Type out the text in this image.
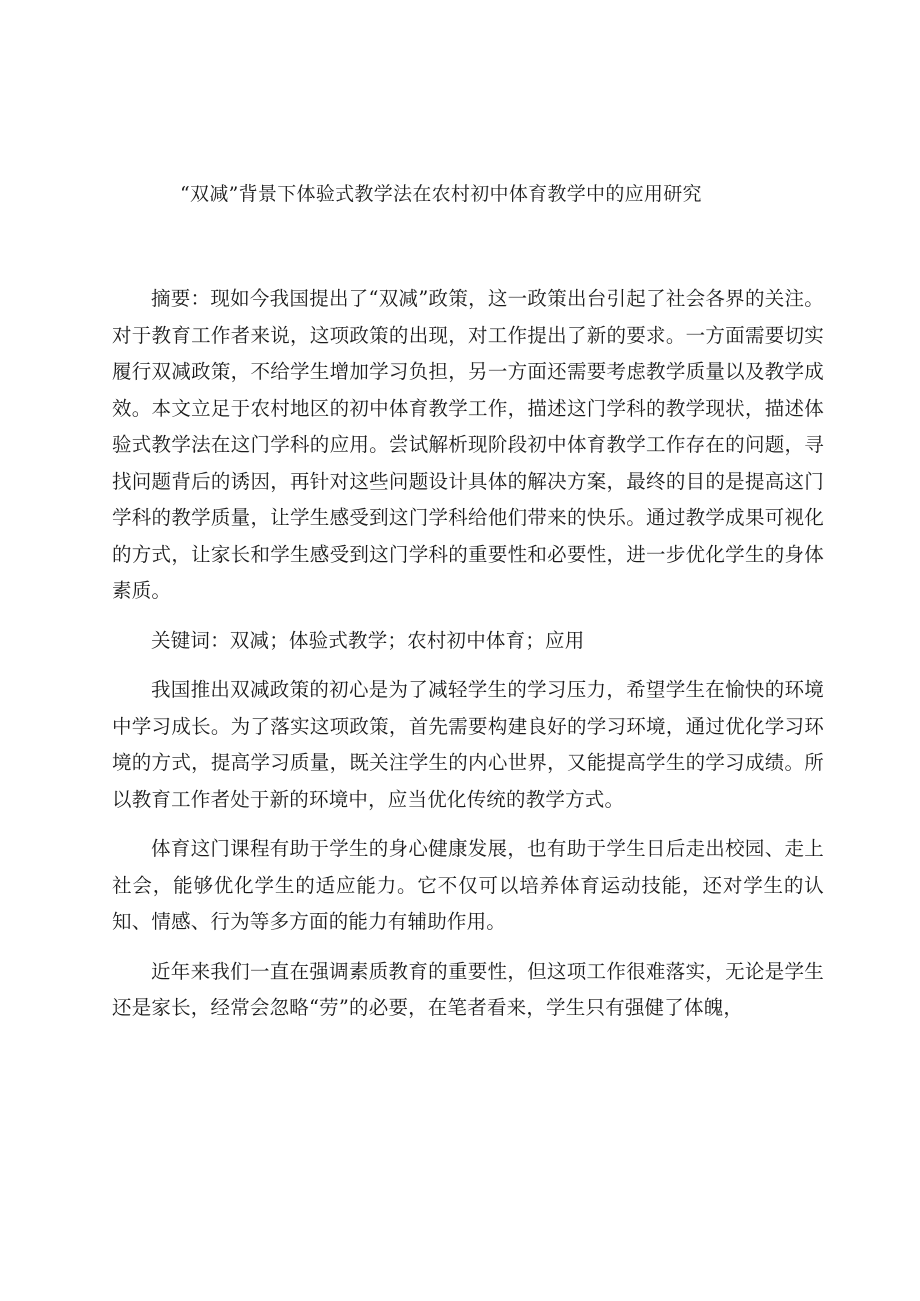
“双减”背景下体验式教学法在农村初中体育教学中的应用研究

摘要：现如今我国提出了“双减”政策，这一政策出台引起了社会各界的关注。对于教育工作者来说，这项政策的出现，对工作提出了新的要求。一方面需要切实履行双减政策，不给学生增加学习负担，另一方面还需要考虑教学质量以及教学成效。本文立足于农村地区的初中体育教学工作，描述这门学科的教学现状，描述体验式教学法在这门学科的应用。尝试解析现阶段初中体育教学工作存在的问题，寻找问题背后的诱因，再针对这些问题设计具体的解决方案，最终的目的是提高这门学科的教学质量，让学生感受到这门学科给他们带来的快乐。通过教学成果可视化的方式，让家长和学生感受到这门学科的重要性和必要性，进一步优化学生的身体素质。

关键词：双减；体验式教学；农村初中体育；应用

我国推出双减政策的初心是为了减轻学生的学习压力，希望学生在愉快的环境中学习成长。为了落实这项政策，首先需要构建良好的学习环境，通过优化学习环境的方式，提高学习质量，既关注学生的内心世界，又能提高学生的学习成绩。所以教育工作者处于新的环境中，应当优化传统的教学方式。

体育这门课程有助于学生的身心健康发展，也有助于学生日后走出校园、走上社会，能够优化学生的适应能力。它不仅可以培养体育运动技能，还对学生的认知、情感、行为等多方面的能力有辅助作用。

近年来我们一直在强调素质教育的重要性，但这项工作很难落实，无论是学生还是家长，经常会忽略“劳”的必要，在笔者看来，学生只有强健了体魄，
